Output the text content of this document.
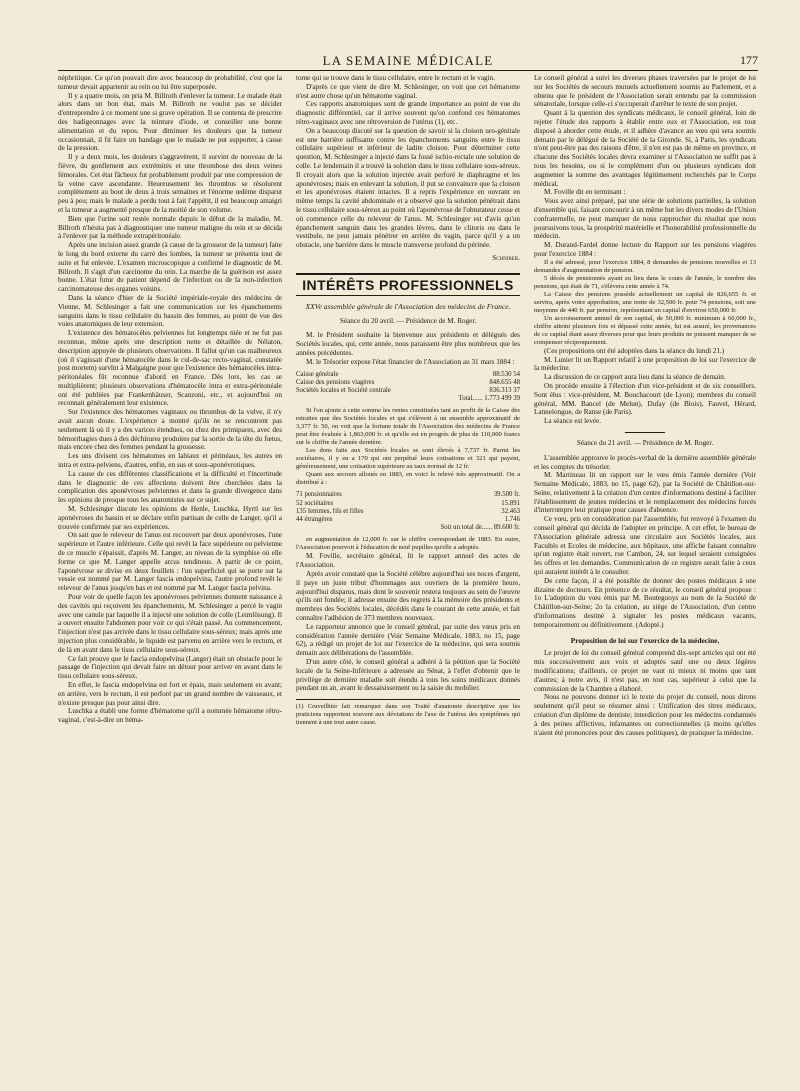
LA SEMAINE MÉDICALE	177

néphritique. Ce qu'on pouvait dire avec beaucoup de probabilité, c'est que la tumeur devait appartenir au rein ou lui être superposée.

Il y a quatre mois, on pria M. Billroth d'enlever la tumeur. Le malade était alors dans un bon état, mais M. Billroth ne voulut pas se décider d'entreprendre à ce moment une si grave opération. Il se contenta de prescrire des badigeonnages avec la teinture d'iode, et conseiller une bonne alimentation et du repos. Pour diminuer les douleurs que la tumeur occasionnait, il fit faire un bandage que le malade ne put supporter, à cause de la pression.

Il y a deux mois, les douleurs s'aggravèrent, il survint de nouveau de la fièvre, du gonflement aux extrémités et une thrombose des deux veines fémorales. Cet état fâcheux fut probablement produit par une compression de la veine cave ascendante. Heureusement les thrombus se résolurent complètement au bout de deux à trois semaines et l'énorme œdème disparut peu à peu; mais le malade a perdu tout à fait l'appétit, il est beaucoup amaigri et la tumeur a augmenté presque de la moitié de son volume.

Bien que l'urine soit restée normale depuis le début de la maladie, M. Billroth n'hésita pas à diagnostiquer une tumeur maligne du rein et se décida à l'enlever par la méthode extrapéritonéale.

Après une incision assez grande (à cause de la grosseur de la tumeur) faite le long du bord externe du carré des lombes, la tumeur se présenta tout de suite et fut enlevée. L'examen microscopique a confirmé le diagnostic de M. Billroth. Il s'agit d'un carcinome du rein. La marche de la guérison est assez bonne. L'état futur du patient dépend de l'infection ou de la non-infection carcinomateuse des organes voisins.

Dans la séance d'hier de la Société impériale-royale des médecins de Vienne, M. Schlesinger a fait une communication sur les épanchements sanguins dans le tissu cellulaire du bassin des femmes, au point de vue des voies anatomiques de leur extension.

L'existence des hématocèles pelviennes fut longtemps niée et ne fut pas reconnue, même après une description nette et détaillée de Nélaton, description appuyée de plusieurs observations. Il fallut qu'un cas malheureux (où il s'agissait d'une hématocèle dans le cul-de-sac recto-vaginal, constatée post mortem) survînt à Malgaigne pour que l'existence des hématocèles intra-péritonéales fût reconnue d'abord en France. Dès lors, les cas se multiplièrent; plusieurs observations d'hématocèle intra et extra-péritonéale ont été publiées par Frankenhäuser, Scanzoni, etc., et aujourd'hui on reconnait généralement leur existence.

Sur l'existence des hématomes vaginaux ou thrombus de la vulve, il n'y avait aucun doute. L'expérience a montré qu'ils ne se rencontrent pas seulement là où il y a des varices étendues, ou chez des primipares, avec des hémorrhagies dues à des déchirures produites par la sortie de la tête du fœtus, mais encore chez des femmes pendant la grossesse.

Les uns divisent ces hématomes en labiaux et périnéaux, les autres en intra et extra-pelviens, d'autres, enfin, en sus et sous-aponévrotiques.

La cause de ces différentes classifications et la difficulté et l'incertitude dans le diagnostic de ces affections doivent être cherchées dans la complication des aponévroses pelviennes et dans la grande divergence dans les opinions de presque tous les anatomistes sur ce sujet.

M. Schlesinger discute les opinions de Henle, Luschka, Hyrtl sur les aponévroses du bassin et se déclare enfin partisan de celle de Langer, qu'il a trouvée confirmée par ses expériences.

On sait que le releveur de l'anus est recouvert par deux aponévroses, l'une supérieure et l'autre inférieure. Celle qui revêt la face supérieure ou pelvienne de ce muscle s'épaissit, d'après M. Langer, au niveau de la symphise où elle forme ce que M. Langer appelle arcus tendineus. A partir de ce point, l'aponévrose se divise en deux feuillets : l'un superficiel qui se porte sur la vessie est nommé par M. Langer fascia endopelvina, l'autre profond revêt le releveur de l'anus jusqu'en bas et est nommé par M. Langer fascia pelvina.

Pour voir de quelle façon les aponévroses pelviennes donnent naissance à des cavités qui reçoivent les épanchements, M. Schlesinger a percé le vagin avec une canule par laquelle il a injecté une solution de colle (Leimlösung). Il a ouvert ensuite l'abdomen pour voir ce qui s'était passé. Au commencement, l'injection n'est pas arrivée dans le tissu cellulaire sous-séreux; mais après une injection plus considérable, le liquide est parvenu en arrière vers le rectum, et de là en avant dans le tissu cellulaire sous-séreux.

Ce fait prouve que le fascia endopelvina (Langer) était un obstacle pour le passage de l'injection qui devait faire un détour pour arriver en avant dans le tissu cellulaire sous-séreux.

En effet, le fascia endopelvina est fort et épais, mais seulement en avant; en arrière, vers le rectum, il est perforé par un grand nombre de vaisseaux, et n'existe presque pas pour ainsi dire.

Luschka a établi une forme d'hématome qu'il a nommée hématome rétro-vaginal, c'est-à-dire un héma-

tome qui se trouve dans le tissu cellulaire, entre le rectum et le vagin.

D'après ce que vient de dire M. Schlesinger, on voit que cet hématome n'est autre chose qu'un hématome vaginal.

Ces rapports anatomiques sont de grande importance au point de vue du diagnostic différentiel, car il arrive souvent qu'on confond ces hématomes rétro-vaginaux avec une rétroversion de l'utérus (1), etc.

On a beaucoup discuté sur la question de savoir si la cloison uro-génitale est une barrière suffisante contre les épanchements sanguins entre le tissu cellulaire supérieur et inférieur de ladite cloison. Pour déterminer cette question, M. Schlesinger a injecté dans la fossé ischio-rectale une solution de colle. Le lendemain il a trouvé la solution dans le tissu cellulaire sous-séreux. Il croyait alors que la solution injectée avait perforé le diaphragme et les aponévroses; mais en enlevant la solution, il put se convaincre que la cloison et les aponévroses étaient intactes. Il a repris l'expérience en ouvrant en même temps la cavité abdominale et a observé que la solution pénétrait dans le tissu cellulaire sous-séreux au point où l'aponévrose de l'obturateur cesse et où commence celle du releveur de l'anus. M. Schlesinger est d'avis qu'un épanchement sanguin dans les grandes lèvres, dans le clitoris ou dans le vestibule, ne peut jamais pénétrer en arrière du vagin, parce qu'il y a un obstacle, une barrière dans le muscle transverse profond du périnée.

Schnirer.

INTÉRÊTS PROFESSIONNELS
XXVe assemblée générale de l'Association des médecins de France.
Séance du 20 avril. — Présidence de M. Roger.

M. le Président souhaite la bienvenue aux présidents et délégués des Sociétés locales, qui, cette année, nous paraissent être plus nombreux que les années précédentes.

M. le Trésorier expose l'état financier de l'Association au 31 mars 1884 :

Caisse générale	88.530 54
Caisse des pensions viagères	848.655 48
Sociétés locales et Société centrale	836.313 37
Total...... 1.773 499 39

Si l'on ajoute à cette somme les rentes constituées tant au profit de la Caisse des retraites que des Sociétés locales et qui s'élèvent à un ensemble approximatif de 3,377 fr. 50, on voit que la fortune totale de l'Association des médecins de France peut être évaluée à 1,863,000 fr. et qu'elle est en progrès de plus de 110,000 francs sur le chiffre de l'année dernière.

Les dons faits aux Sociétés locales se sont élevés à 7,737 fr. Parmi les sociétaires, il y en a 170 qui ont perpétué leurs cotisations et 321 qui payent, généreusement, une cotisation supérieure au taux normal de 12 fr.

Quant aux secours alloués en 1883, en voici le relevé très approximatif. On a distribué à :

71 pensionnaires	39.500 fr.
52 sociétaires	15.891
135 femmes, fils et filles	32.463
44 étrangères	1.746
Soit un total de...... 89.600 fr.

en augmentation de 12,000 fr. sur le chiffre correspondant de 1883. En outre, l'Association pourvoit à l'éducation de neuf pupilles qu'elle a adoptés.

M. Foville, secrétaire général, lit le rapport annuel des actes de l'Association.

Après avoir constaté que la Société célèbre aujourd'hui ses noces d'argent, il paye un juste tribut d'hommages aux ouvriers de la première heure, aujourd'hui disparus, mais dont le souvenir restera toujours au sein de l'œuvre qu'ils ont fondée; il adresse ensuite des regrets à la mémoire des présidents et membres des Sociétés locales, décédés dans le courant de cette année, et fait connaître l'adhésion de 373 membres nouveaux.

Le rapporteur annonce que le conseil général, par suite des vœux pris en considération l'année dernière (Voir Semaine Médicale, 1883, no 15, page 62), a rédigé un projet de loi sur l'exercice de la médecine, qui sera soumis demain aux délibérations de l'assemblée.

D'un autre côté, le conseil général a adhéré à la pétition que la Société locale de la Seine-Inférieure a adressée au Sénat, à l'effet d'obtenir que le privilège de dernière maladie soit étendu à tous les soins médicaux donnés pendant un an, avant le dessaisissement ou la saisie du mobilier.

(1) Cruveilhier fait remarquer dans son Traité d'anatomie descriptive que les praticiens rapportent souvent aux déviations de l'axe de l'utérus des symptômes qui tiennent à une tout autre cause.

Le conseil général a suivi les diverses phases traversées par le projet de loi sur les Sociétés de secours mutuels actuellement soumis au Parlement, et a obtenu que le président de l'Association serait entendu par la commission sénatoriale, lorsque celle-ci s'occuperait d'arrêter le texte de son projet.

Quant à la question des syndicats médicaux, le conseil général, loin de rejeter l'étude des rapports à établir entre eux et l'Association, est tout disposé à aborder cette étude, et il adhère d'avance au vœu qui sera soumis demain par le délégué de la Société de la Gironde. Si, à Paris, les syndicats n'ont peut-être pas des raisons d'être, il n'en est pas de même en province, et chacune des Sociétés locales devra examiner si l'Association ne suffit pas à tous les besoins, ou si le complément d'un ou plusieurs syndicats doit augmenter la somme des avantages légitimement recherchés par le Corps médical.

M. Foville dit en terminant :

Vous avez ainsi préparé, par une série de solutions partielles, la solution d'ensemble qui, faisant concourir à un même but les divers modes de l'Union confraternelle, ne peut manquer de nous rapprocher du résultat que nous poursuivons tous, la prospérité matérielle et l'honorabilité professionnelle du médecin.

M. Durand-Fardel donne lecture du Rapport sur les pensions viagères pour l'exercice 1884 :

Il a été adressé, pour l'exercice 1884, 8 demandes de pensions nouvelles et 13 demandes d'augmentation de pension.

5 décès de pensionnés ayant eu lieu dans le cours de l'année, le nombre des pensions, qui était de 71, s'élèvera cette année à 74.

La Caisse des pensions possède actuellement un capital de 826,655 fr. et servira, après votre approbation, une rente de 32,500 fr. pour 74 pensions, soit une moyenne de 440 fr. par pension, représentant un capital d'environ 650,000 fr.

Un accroissement annuel de son capital, de 50,000 fr. minimum à 60,000 fr., chiffre atteint plusieurs fois et dépassé cette année, lui est assuré, les provenances de ce capital étant assez diverses pour que leurs produits ne puissent manquer de se compenser réciproquement.

(Ces propositions ont été adoptées dans la séance du lundi 21.)

M. Lunier lit un Rapport relatif à une proposition de loi sur l'exercice de la médecine.

La discussion de ce rapport aura lieu dans la séance de demain.

On procède ensuite à l'élection d'un vice-président et de six conseillers. Sont élus : vice-président, M. Bouchacourt (de Lyon); membres du conseil général, MM. Bancel (de Melun), Dufay (de Blois), Fauvel, Hérard, Lannelongue, de Ranse (de Paris).

La séance est levée.

Séance du 21 avril. — Présidence de M. Roger.

L'assemblée approuve le procès-verbal de la dernière assemblée générale et les comptes du trésorier.

M. Martineau lit un rapport sur le vœu émis l'année dernière (Voir Semaine Médicale, 1883, no 15, page 62), par la Société de Châtillon-sur-Seine, relativement à la création d'un centre d'informations destiné à faciliter l'établissement de jeunes médecins et le remplacement des médecins forcés d'interrompre leur pratique pour causes d'absence.

Ce vœu, pris en considération par l'assemblée, fut renvoyé à l'examen du conseil général qui décida de l'adopter en principe. A cet effet, le bureau de l'Association générale adressa une circulaire aux Sociétés locales, aux Facultés et Ecoles de médecine, aux hôpitaux, une affiche faisant connaître qu'un registre était ouvert, rue Cambon, 24, sur lequel seraient consignées les offres et les demandes. Communication de ce registre serait faite à ceux qui auraient intérêt à le consulter.

De cette façon, il a été possible de donner des postes médicaux à une dizaine de docteurs. En présence de ce résultat, le conseil général propose : 1o L'adoption du vœu émis par M. Bouteguoys au nom de la Société de Châtillon-sur-Seine; 2o la création, au siège de l'Association, d'un centre d'informations destiné à signaler les postes médicaux vacants, temporairement ou définitivement. (Adopté.)

Proposition de loi sur l'exercice de la médecine.

Le projet de loi du conseil général comprend dix-sept articles qui ont été mis successivement aux voix et adoptés sauf une ou deux légères modifications; d'ailleurs, ce projet ne vaut ni mieux ni moins que tant d'autres; à notre avis, il n'est pas, en tout cas, supérieur à celui que la commission de la Chambre a élaboré.

Nous ne pouvons donner ici le texte du projet du conseil, nous dirons seulement qu'il peut se résumer ainsi : Unification des titres médicaux, création d'un diplôme de dentiste; interdiction pour les médecins condamnés à des peines afflictives, infamantes ou correctionnelles (à moins qu'elles n'aient été prononcées pour des causes politiques), de pratiquer la médecine.
